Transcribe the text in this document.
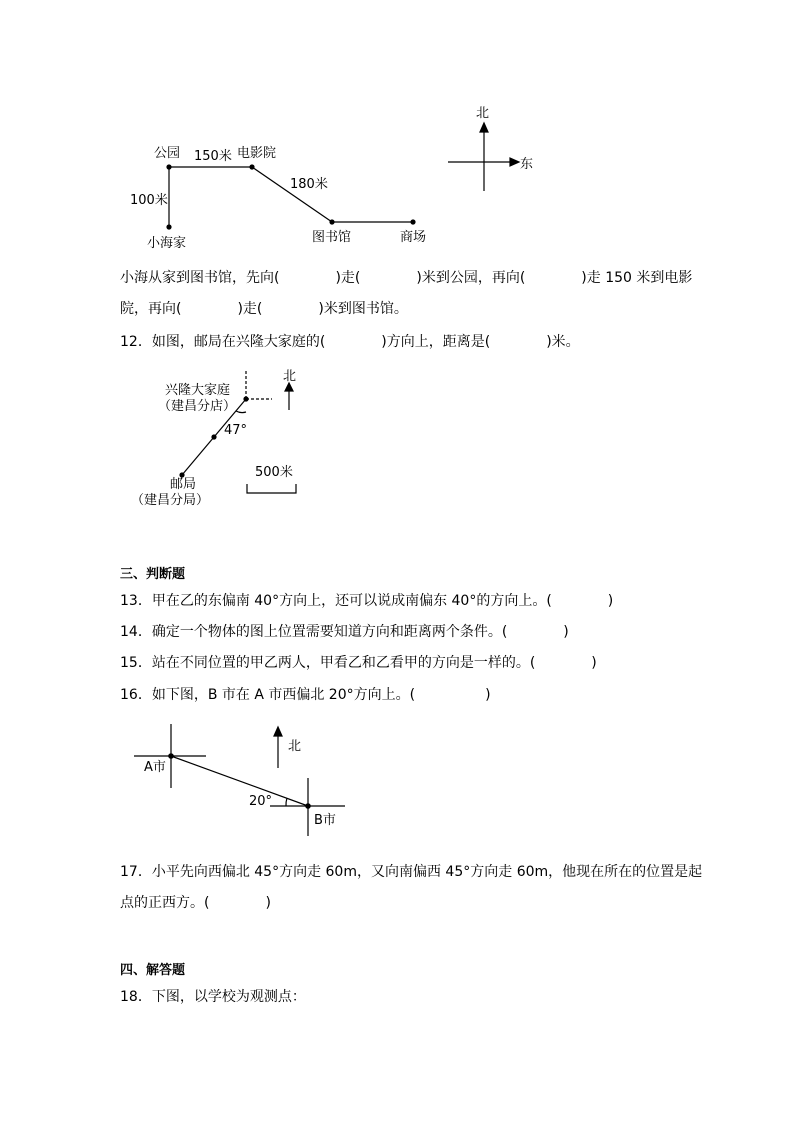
北
东
公园 150米 电影院
180米
100米
小海家	图书馆	商场
小海从家到图书馆，先向(　　　　)走(　　　　)米到公园，再向(　　　　)走 150 米到电影
院，再向(　　　　)走(　　　　)米到图书馆。
12．如图，邮局在兴隆大家庭的(　　　　)方向上，距离是(　　　　)米。
北
兴隆大家庭
（建昌分店）
47°
邮局
（建昌分局）
500米
三、判断题
13．甲在乙的东偏南 40°方向上，还可以说成南偏东 40°的方向上。(　　　　)
14．确定一个物体的图上位置需要知道方向和距离两个条件。(　　　　)
15．站在不同位置的甲乙两人，甲看乙和乙看甲的方向是一样的。(　　　　)
16．如下图，B 市在 A 市西偏北 20°方向上。(　　　　　)
北
A市
20°
B市
17．小平先向西偏北 45°方向走 60m，又向南偏西 45°方向走 60m，他现在所在的位置是起
点的正西方。(　　　　)
四、解答题
18．下图，以学校为观测点：
